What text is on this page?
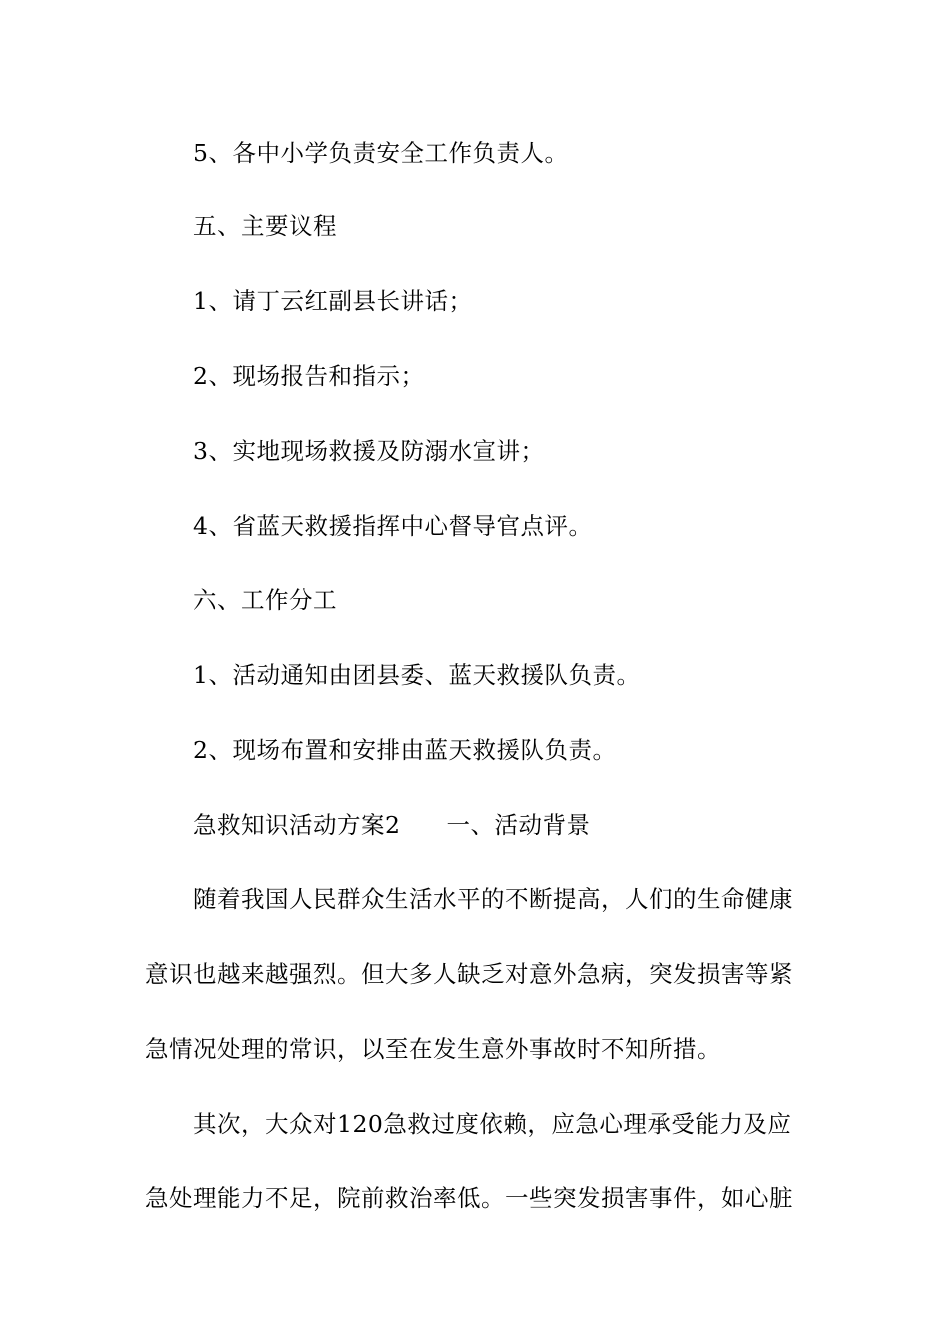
5、各中小学负责安全工作负责人。
五、主要议程
1、请丁云红副县长讲话；
2、现场报告和指示；
3、实地现场救援及防溺水宣讲；
4、省蓝天救援指挥中心督导官点评。
六、工作分工
1、活动通知由团县委、蓝天救援队负责。
2、现场布置和安排由蓝天救援队负责。
急救知识活动方案2 一、活动背景
随着我国人民群众生活水平的不断提高，人们的生命健康
意识也越来越强烈。但大多人缺乏对意外急病，突发损害等紧
急情况处理的常识，以至在发生意外事故时不知所措。
其次，大众对120急救过度依赖，应急心理承受能力及应
急处理能力不足，院前救治率低。一些突发损害事件，如心脏
